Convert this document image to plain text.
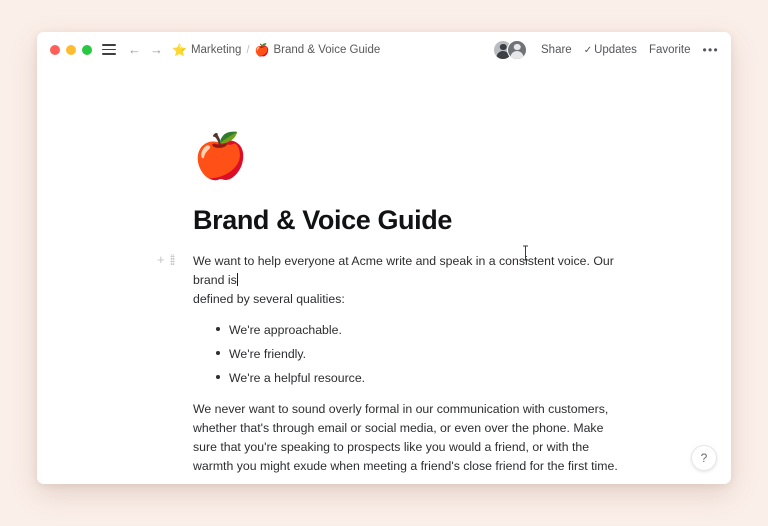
← → ⭐ Marketing / 🍎 Brand & Voice Guide	Share ✓ Updates Favorite •••
🍎
Brand & Voice Guide
+ We want to help everyone at Acme write and speak in a consistent voice. Our brand is
defined by several qualities:

We're approachable.
We're friendly.
We're a helpful resource.

We never want to sound overly formal in our communication with customers, whether that's through email or social media, or even over the phone. Make sure that you're speaking to prospects like you would a friend, or with the warmth you might exude when meeting a friend's close friend for the first time.

?
